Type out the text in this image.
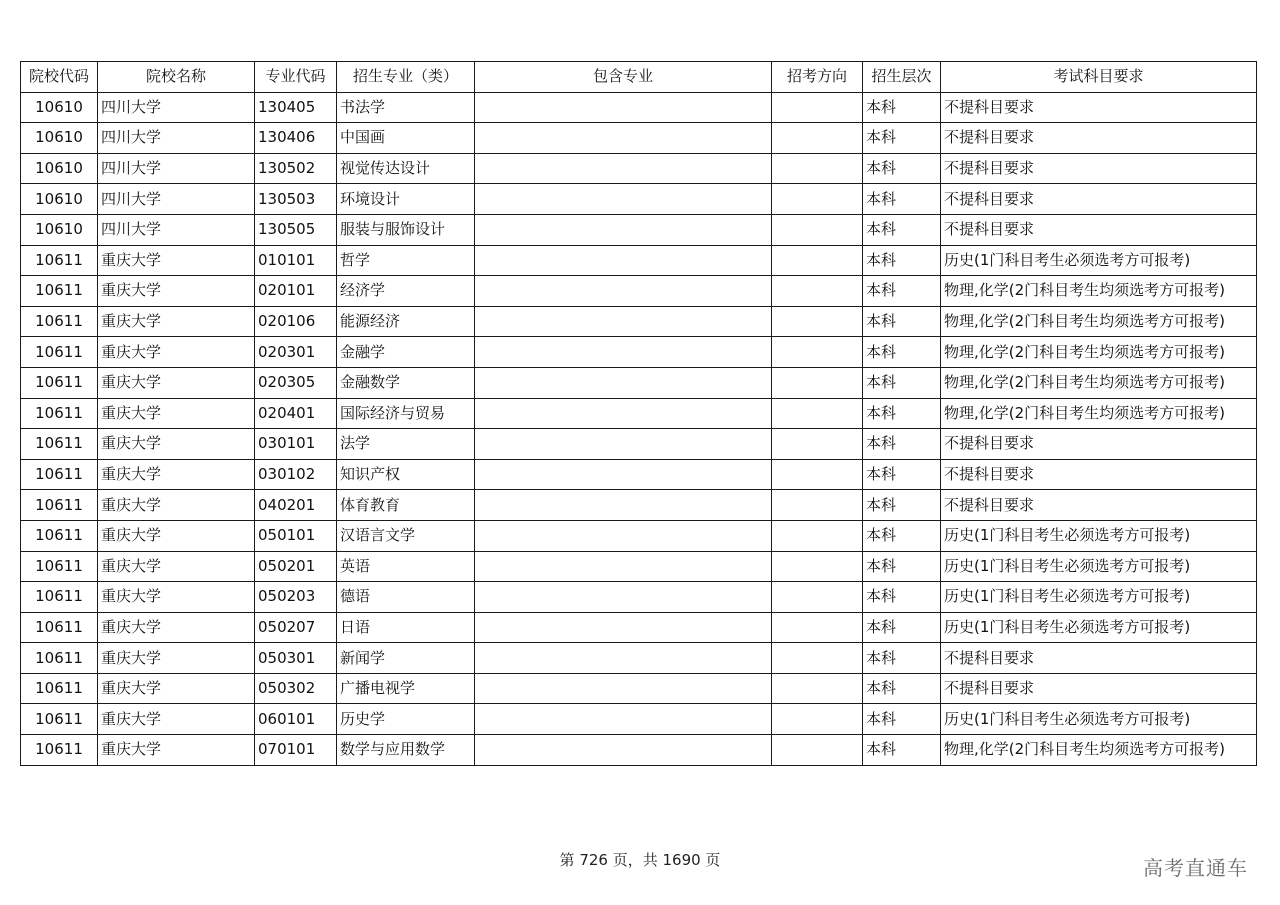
院校代码	院校名称	专业代码	招生专业（类）	包含专业	招考方向	招生层次	考试科目要求
10610	四川大学	130405	书法学			本科	不提科目要求
10610	四川大学	130406	中国画			本科	不提科目要求
10610	四川大学	130502	视觉传达设计			本科	不提科目要求
10610	四川大学	130503	环境设计			本科	不提科目要求
10610	四川大学	130505	服装与服饰设计			本科	不提科目要求
10611	重庆大学	010101	哲学			本科	历史(1门科目考生必须选考方可报考)
10611	重庆大学	020101	经济学			本科	物理,化学(2门科目考生均须选考方可报考)
10611	重庆大学	020106	能源经济			本科	物理,化学(2门科目考生均须选考方可报考)
10611	重庆大学	020301	金融学			本科	物理,化学(2门科目考生均须选考方可报考)
10611	重庆大学	020305	金融数学			本科	物理,化学(2门科目考生均须选考方可报考)
10611	重庆大学	020401	国际经济与贸易			本科	物理,化学(2门科目考生均须选考方可报考)
10611	重庆大学	030101	法学			本科	不提科目要求
10611	重庆大学	030102	知识产权			本科	不提科目要求
10611	重庆大学	040201	体育教育			本科	不提科目要求
10611	重庆大学	050101	汉语言文学			本科	历史(1门科目考生必须选考方可报考)
10611	重庆大学	050201	英语			本科	历史(1门科目考生必须选考方可报考)
10611	重庆大学	050203	德语			本科	历史(1门科目考生必须选考方可报考)
10611	重庆大学	050207	日语			本科	历史(1门科目考生必须选考方可报考)
10611	重庆大学	050301	新闻学			本科	不提科目要求
10611	重庆大学	050302	广播电视学			本科	不提科目要求
10611	重庆大学	060101	历史学			本科	历史(1门科目考生必须选考方可报考)
10611	重庆大学	070101	数学与应用数学			本科	物理,化学(2门科目考生均须选考方可报考)
第 726 页，共 1690 页	高考直通车
